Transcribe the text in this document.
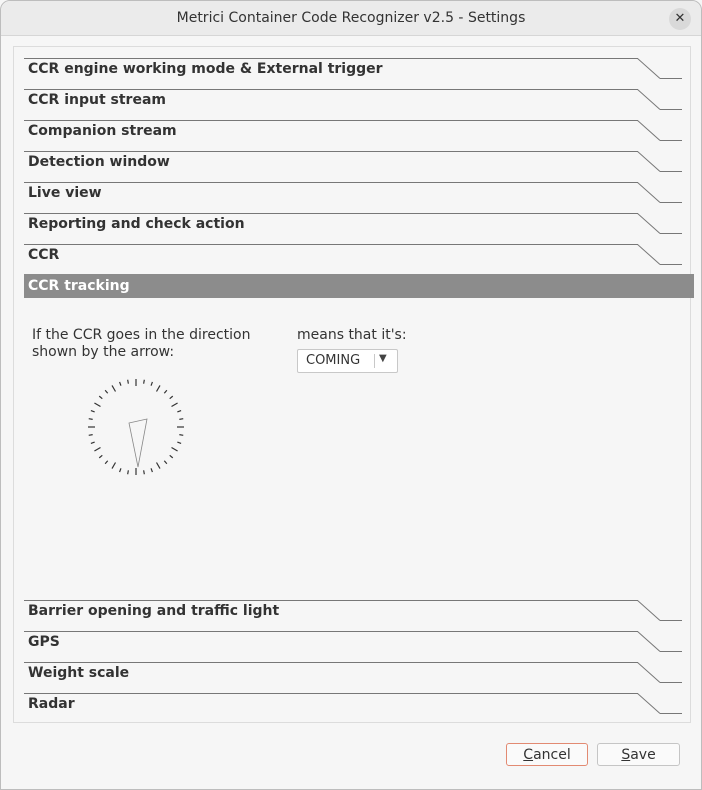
Metrici Container Code Recognizer v2.5 - Settings	✕
CCR engine working mode & External trigger
CCR input stream
Companion stream
Detection window
Live view
Reporting and check action
CCR
CCR tracking
If the CCR goes in the direction shown by the arrow:
means that it's:
COMING ▼
Barrier opening and traffic light
GPS
Weight scale
Radar
Cancel	Save
